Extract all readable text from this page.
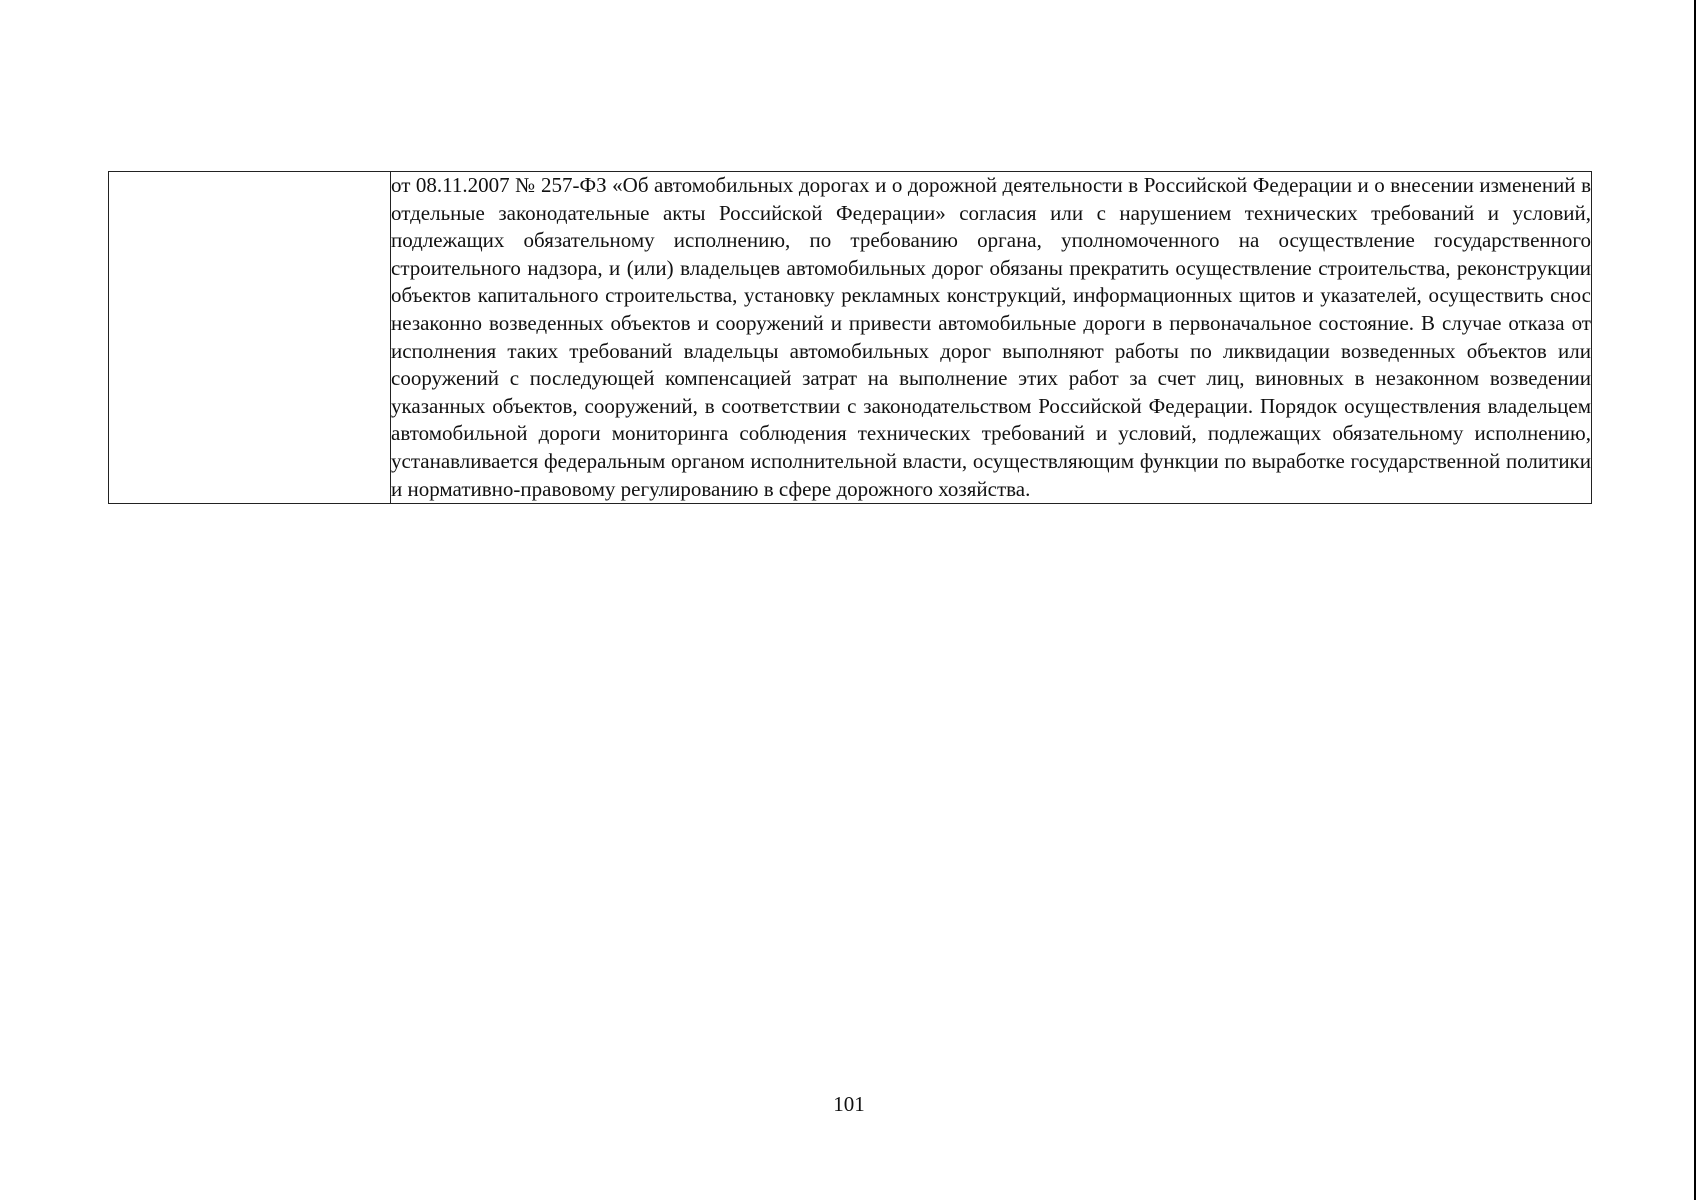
от 08.11.2007 № 257-ФЗ «Об автомобильных дорогах и о дорожной деятельности в Российской Федерации и о внесении изменений в отдельные законодательные акты Российской Федерации» согласия или с нарушением технических требований и условий, подлежащих обязательному исполнению, по требованию органа, уполномоченного на осуществление государственного строительного надзора, и (или) владельцев автомобильных дорог обязаны прекратить осуществление строительства, реконструкции объектов капитального строительства, установку рекламных конструкций, информационных щитов и указателей, осуществить снос незаконно возведенных объектов и сооружений и привести автомобильные дороги в первоначальное состояние. В случае отказа от исполнения таких требований владельцы автомобильных дорог выполняют работы по ликвидации возведенных объектов или сооружений с последующей компенсацией затрат на выполнение этих работ за счет лиц, виновных в незаконном возведении указанных объектов, сооружений, в соответствии с законодательством Российской Федерации. Порядок осуществления владельцем автомобильной дороги мониторинга соблюдения технических требований и условий, подлежащих обязательному исполнению, устанавливается федеральным органом исполнительной власти, осуществляющим функции по выработке государственной политики и нормативно-правовому регулированию в сфере дорожного хозяйства.

101
